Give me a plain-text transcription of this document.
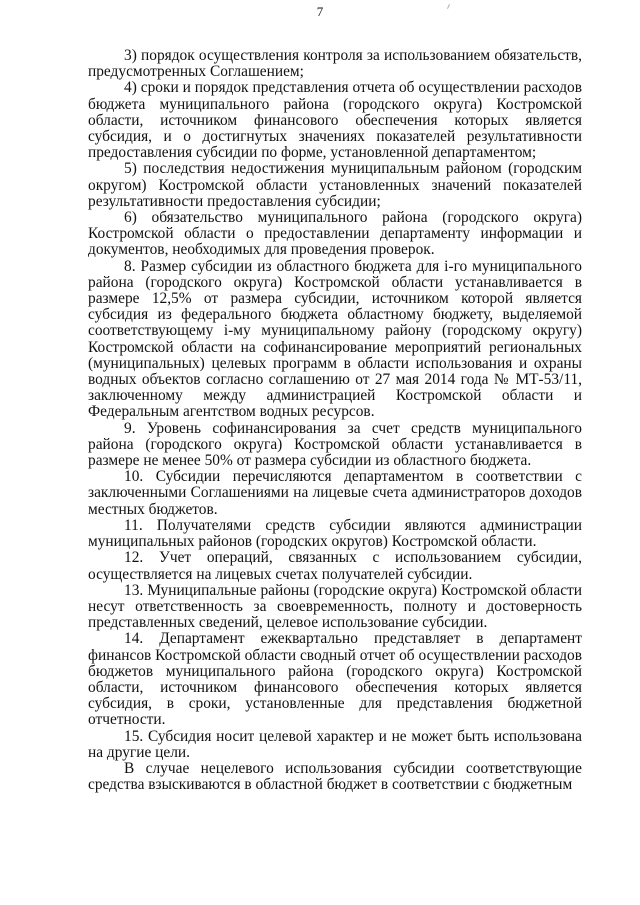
7

3) порядок осуществления контроля за использованием обязательств, предусмотренных Соглашением;

4) сроки и порядок представления отчета об осуществлении расходов бюджета муниципального района (городского округа) Костромской области, источником финансового обеспечения которых является субсидия, и о достигнутых значениях показателей результативности предоставления субсидии по форме, установленной департаментом;

5) последствия недостижения муниципальным районом (городским округом) Костромской области установленных значений показателей результативности предоставления субсидии;

6) обязательство муниципального района (городского округа) Костромской области о предоставлении департаменту информации и документов, необходимых для проведения проверок.

8. Размер субсидии из областного бюджета для i-го муниципального района (городского округа) Костромской области устанавливается в размере 12,5% от размера субсидии, источником которой является субсидия из федерального бюджета областному бюджету, выделяемой соответствующему i-му муниципальному району (городскому округу) Костромской области на софинансирование мероприятий региональных (муниципальных) целевых программ в области использования и охраны водных объектов согласно соглашению от 27 мая 2014 года № МТ-53/11, заключенному между администрацией Костромской области и Федеральным агентством водных ресурсов.

9. Уровень софинансирования за счет средств муниципального района (городского округа) Костромской области устанавливается в размере не менее 50% от размера субсидии из областного бюджета.

10. Субсидии перечисляются департаментом в соответствии с заключенными Соглашениями на лицевые счета администраторов доходов местных бюджетов.

11. Получателями средств субсидии являются администрации муниципальных районов (городских округов) Костромской области.

12. Учет операций, связанных с использованием субсидии, осуществляется на лицевых счетах получателей субсидии.

13. Муниципальные районы (городские округа) Костромской области несут ответственность за своевременность, полноту и достоверность представленных сведений, целевое использование субсидии.

14. Департамент ежеквартально представляет в департамент финансов Костромской области сводный отчет об осуществлении расходов бюджетов муниципального района (городского округа) Костромской области, источником финансового обеспечения которых является субсидия, в сроки, установленные для представления бюджетной отчетности.

15. Субсидия носит целевой характер и не может быть использована на другие цели.

В случае нецелевого использования субсидии соответствующие средства взыскиваются в областной бюджет в соответствии с бюджетным
